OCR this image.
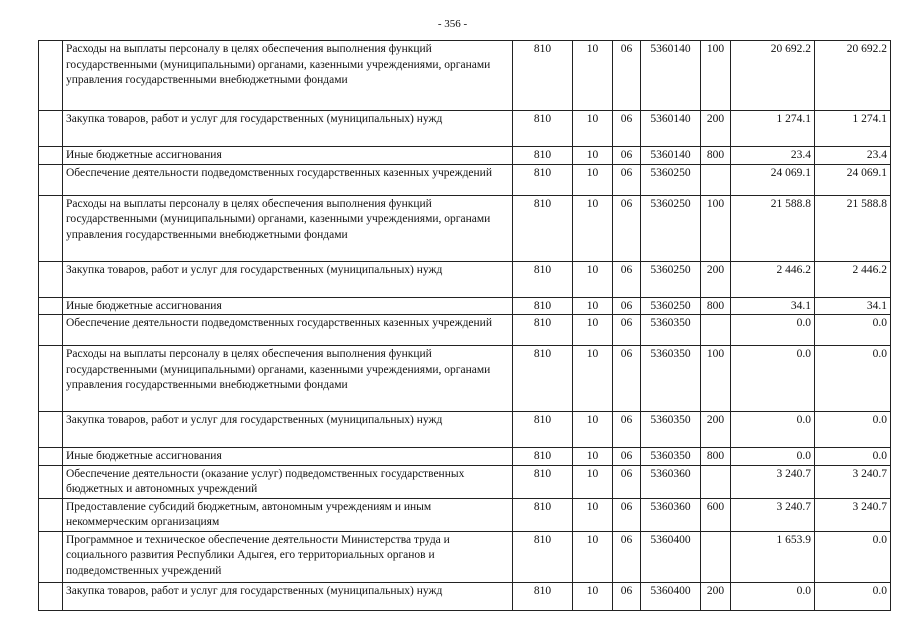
- 356 -
	Расходы на выплаты персоналу в целях обеспечения выполнения функций государственными (муниципальными) органами, казенными учреждениями, органами управления государственными внебюджетными фондами	810	10	06	5360140	100	20 692.2	20 692.2
	Закупка товаров, работ и услуг для государственных (муниципальных) нужд	810	10	06	5360140	200	1 274.1	1 274.1
	Иные бюджетные ассигнования	810	10	06	5360140	800	23.4	23.4
	Обеспечение деятельности подведомственных государственных казенных учреждений	810	10	06	5360250		24 069.1	24 069.1
	Расходы на выплаты персоналу в целях обеспечения выполнения функций государственными (муниципальными) органами, казенными учреждениями, органами управления государственными внебюджетными фондами	810	10	06	5360250	100	21 588.8	21 588.8
	Закупка товаров, работ и услуг для государственных (муниципальных) нужд	810	10	06	5360250	200	2 446.2	2 446.2
	Иные бюджетные ассигнования	810	10	06	5360250	800	34.1	34.1
	Обеспечение деятельности подведомственных государственных казенных учреждений	810	10	06	5360350		0.0	0.0
	Расходы на выплаты персоналу в целях обеспечения выполнения функций государственными (муниципальными) органами, казенными учреждениями, органами управления государственными внебюджетными фондами	810	10	06	5360350	100	0.0	0.0
	Закупка товаров, работ и услуг для государственных (муниципальных) нужд	810	10	06	5360350	200	0.0	0.0
	Иные бюджетные ассигнования	810	10	06	5360350	800	0.0	0.0
	Обеспечение деятельности (оказание услуг) подведомственных государственных бюджетных и автономных учреждений	810	10	06	5360360		3 240.7	3 240.7
	Предоставление субсидий бюджетным, автономным учреждениям и иным некоммерческим организациям	810	10	06	5360360	600	3 240.7	3 240.7
	Программное и техническое обеспечение деятельности Министерства труда и социального развития Республики Адыгея, его территориальных органов и подведомственных учреждений	810	10	06	5360400		1 653.9	0.0
	Закупка товаров, работ и услуг для государственных (муниципальных) нужд	810	10	06	5360400	200	0.0	0.0
